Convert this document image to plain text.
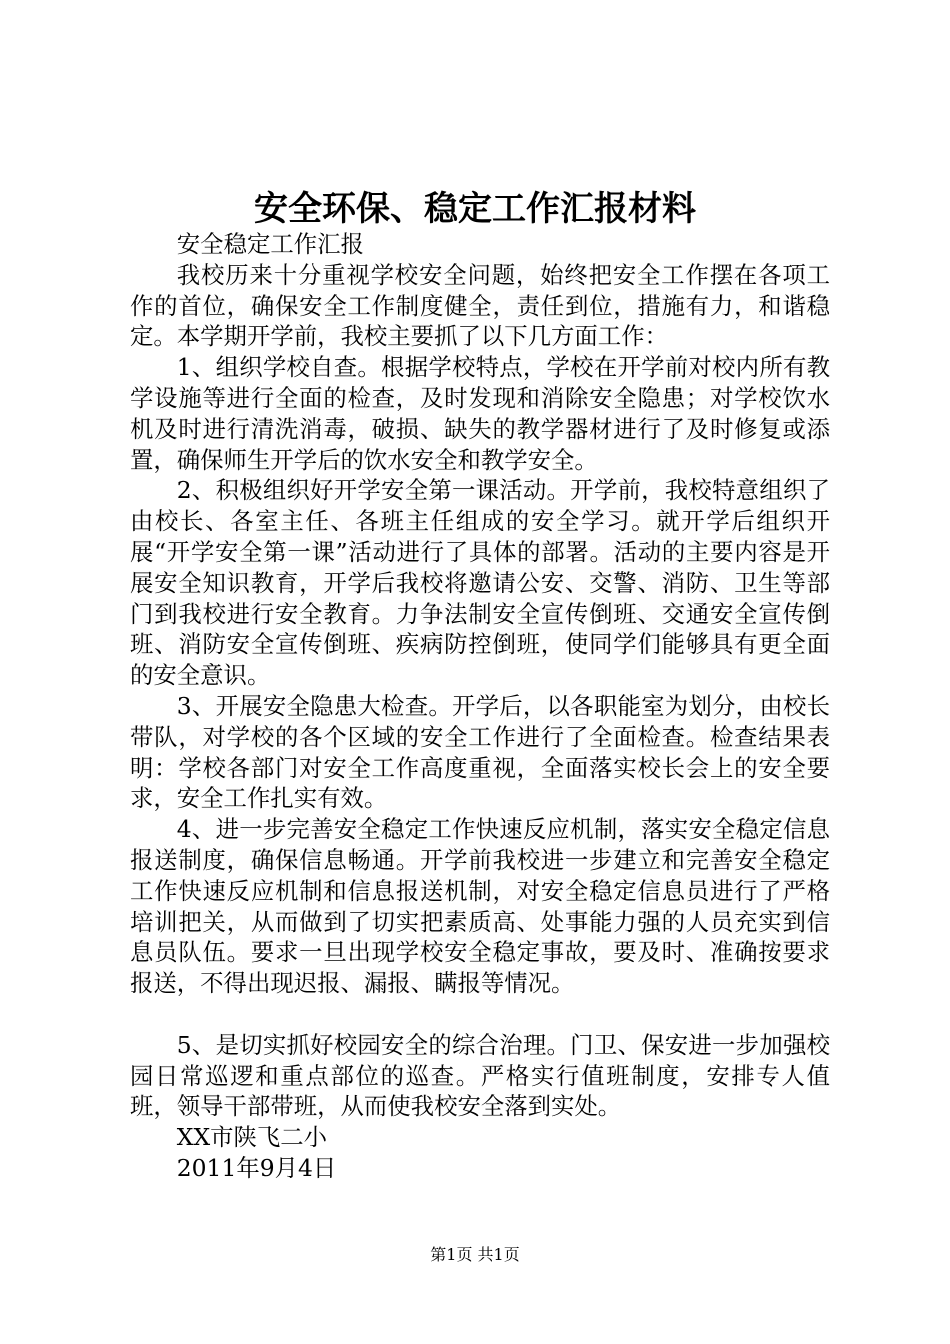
安全环保、稳定工作汇报材料

安全稳定工作汇报

我校历来十分重视学校安全问题，始终把安全工作摆在各项工作的首位，确保安全工作制度健全，责任到位，措施有力，和谐稳定。本学期开学前，我校主要抓了以下几方面工作：

1、组织学校自查。根据学校特点，学校在开学前对校内所有教学设施等进行全面的检查，及时发现和消除安全隐患；对学校饮水机及时进行清洗消毒，破损、缺失的教学器材进行了及时修复或添置，确保师生开学后的饮水安全和教学安全。

2、积极组织好开学安全第一课活动。开学前，我校特意组织了由校长、各室主任、各班主任组成的安全学习。就开学后组织开展“开学安全第一课”活动进行了具体的部署。活动的主要内容是开展安全知识教育，开学后我校将邀请公安、交警、消防、卫生等部门到我校进行安全教育。力争法制安全宣传倒班、交通安全宣传倒班、消防安全宣传倒班、疾病防控倒班，使同学们能够具有更全面的安全意识。

3、开展安全隐患大检查。开学后，以各职能室为划分，由校长带队，对学校的各个区域的安全工作进行了全面检查。检查结果表明：学校各部门对安全工作高度重视，全面落实校长会上的安全要求，安全工作扎实有效。

4、进一步完善安全稳定工作快速反应机制，落实安全稳定信息报送制度，确保信息畅通。开学前我校进一步建立和完善安全稳定工作快速反应机制和信息报送机制，对安全稳定信息员进行了严格培训把关，从而做到了切实把素质高、处事能力强的人员充实到信息员队伍。要求一旦出现学校安全稳定事故，要及时、准确按要求报送，不得出现迟报、漏报、瞒报等情况。

5、是切实抓好校园安全的综合治理。门卫、保安进一步加强校园日常巡逻和重点部位的巡查。严格实行值班制度，安排专人值班，领导干部带班，从而使我校安全落到实处。

XX市陕飞二小

2011年9月4日

第1页 共1页
